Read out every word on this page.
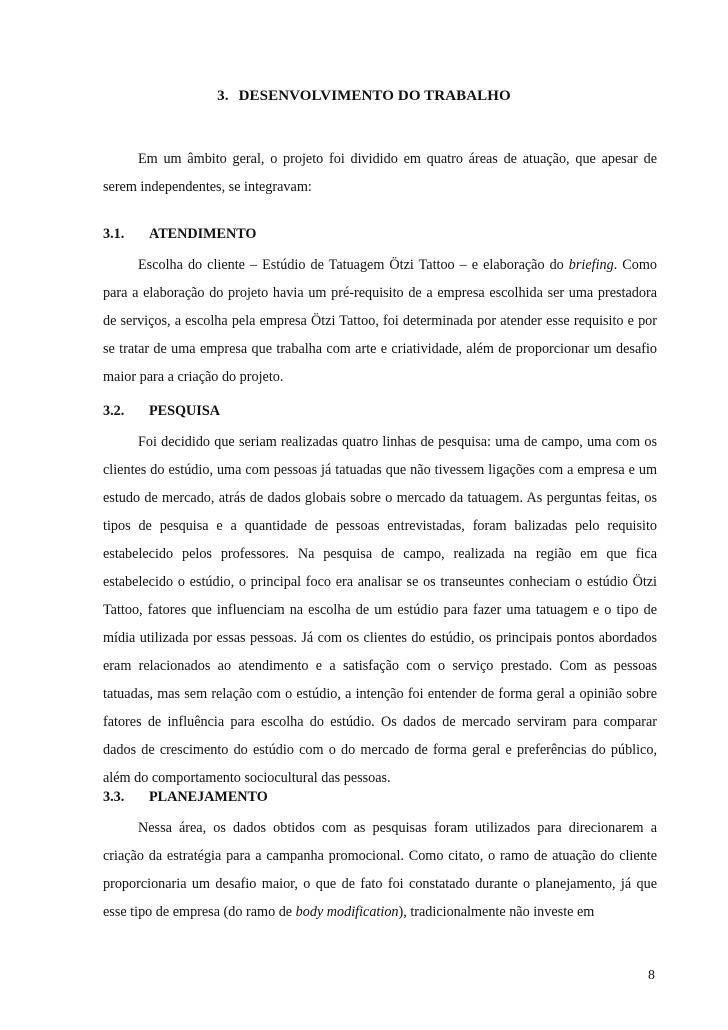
3. DESENVOLVIMENTO DO TRABALHO

Em um âmbito geral, o projeto foi dividido em quatro áreas de atuação, que apesar de serem independentes, se integravam:

3.1. ATENDIMENTO

Escolha do cliente – Estúdio de Tatuagem Ötzi Tattoo – e elaboração do briefing. Como para a elaboração do projeto havia um pré-requisito de a empresa escolhida ser uma prestadora de serviços, a escolha pela empresa Ötzi Tattoo, foi determinada por atender esse requisito e por se tratar de uma empresa que trabalha com arte e criatividade, além de proporcionar um desafio maior para a criação do projeto.

3.2. PESQUISA

Foi decidido que seriam realizadas quatro linhas de pesquisa: uma de campo, uma com os clientes do estúdio, uma com pessoas já tatuadas que não tivessem ligações com a empresa e um estudo de mercado, atrás de dados globais sobre o mercado da tatuagem. As perguntas feitas, os tipos de pesquisa e a quantidade de pessoas entrevistadas, foram balizadas pelo requisito estabelecido pelos professores. Na pesquisa de campo, realizada na região em que fica estabelecido o estúdio, o principal foco era analisar se os transeuntes conheciam o estúdio Ötzi Tattoo, fatores que influenciam na escolha de um estúdio para fazer uma tatuagem e o tipo de mídia utilizada por essas pessoas. Já com os clientes do estúdio, os principais pontos abordados eram relacionados ao atendimento e a satisfação com o serviço prestado. Com as pessoas tatuadas, mas sem relação com o estúdio, a intenção foi entender de forma geral a opinião sobre fatores de influência para escolha do estúdio. Os dados de mercado serviram para comparar dados de crescimento do estúdio com o do mercado de forma geral e preferências do público, além do comportamento sociocultural das pessoas.

3.3. PLANEJAMENTO

Nessa área, os dados obtidos com as pesquisas foram utilizados para direcionarem a criação da estratégia para a campanha promocional. Como citato, o ramo de atuação do cliente proporcionaria um desafio maior, o que de fato foi constatado durante o planejamento, já que esse tipo de empresa (do ramo de body modification), tradicionalmente não investe em

8
